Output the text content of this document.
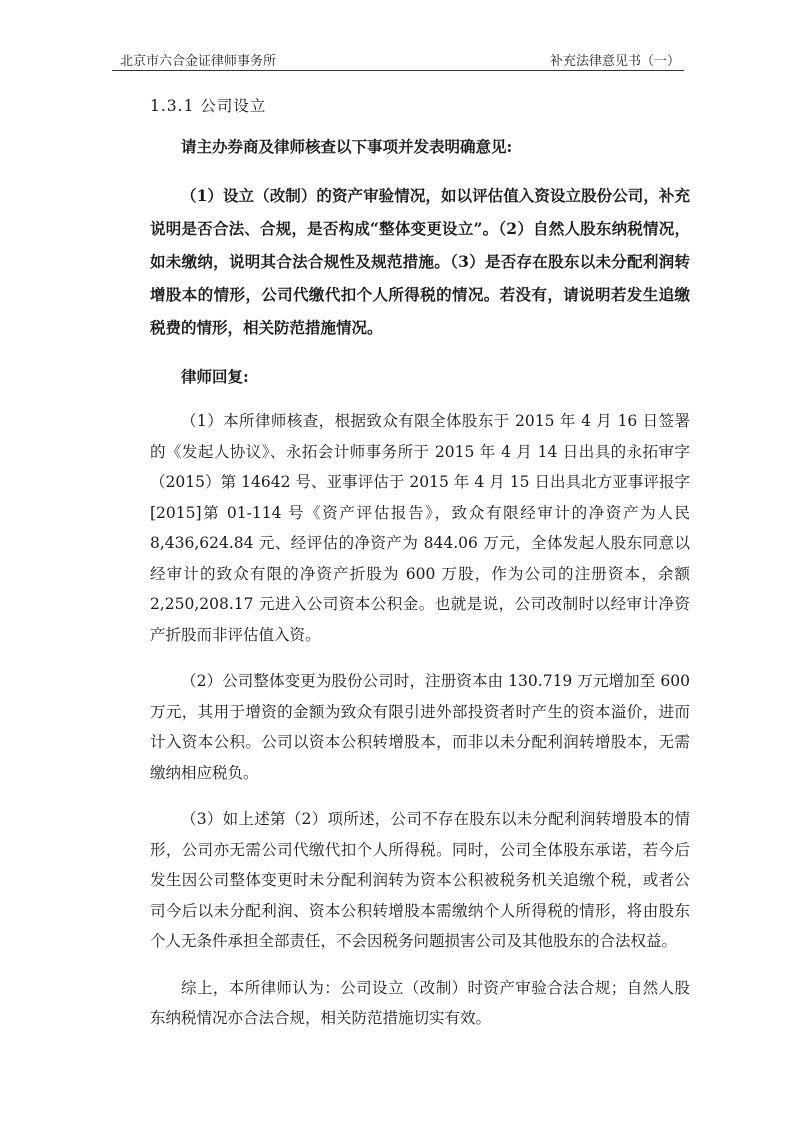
北京市六合金证律师事务所	补充法律意见书（一）
1.3.1 公司设立

请主办券商及律师核查以下事项并发表明确意见:

（1）设立（改制）的资产审验情况，如以评估值入资设立股份公司，补充说明是否合法、合规，是否构成“整体变更设立”。（2）自然人股东纳税情况，如未缴纳，说明其合法合规性及规范措施。（3）是否存在股东以未分配利润转增股本的情形，公司代缴代扣个人所得税的情况。若没有，请说明若发生追缴税费的情形，相关防范措施情况。

律师回复:

（1）本所律师核查，根据致众有限全体股东于 2015 年 4 月 16 日签署的《发起人协议》、永拓会计师事务所于 2015 年 4 月 14 日出具的永拓审字（2015）第 14642 号、亚事评估于 2015 年 4 月 15 日出具北方亚事评报字[2015]第 01-114 号《资产评估报告》，致众有限经审计的净资产为人民 8,436,624.84 元、经评估的净资产为 844.06 万元，全体发起人股东同意以经审计的致众有限的净资产折股为 600 万股，作为公司的注册资本，余额 2,250,208.17 元进入公司资本公积金。也就是说，公司改制时以经审计净资产折股而非评估值入资。

（2）公司整体变更为股份公司时，注册资本由 130.719 万元增加至 600 万元，其用于增资的金额为致众有限引进外部投资者时产生的资本溢价，进而计入资本公积。公司以资本公积转增股本，而非以未分配利润转增股本，无需缴纳相应税负。

（3）如上述第（2）项所述，公司不存在股东以未分配利润转增股本的情形，公司亦无需公司代缴代扣个人所得税。同时，公司全体股东承诺，若今后发生因公司整体变更时未分配利润转为资本公积被税务机关追缴个税，或者公司今后以未分配利润、资本公积转增股本需缴纳个人所得税的情形，将由股东个人无条件承担全部责任，不会因税务问题损害公司及其他股东的合法权益。

综上，本所律师认为：公司设立（改制）时资产审验合法合规；自然人股东纳税情况亦合法合规，相关防范措施切实有效。
